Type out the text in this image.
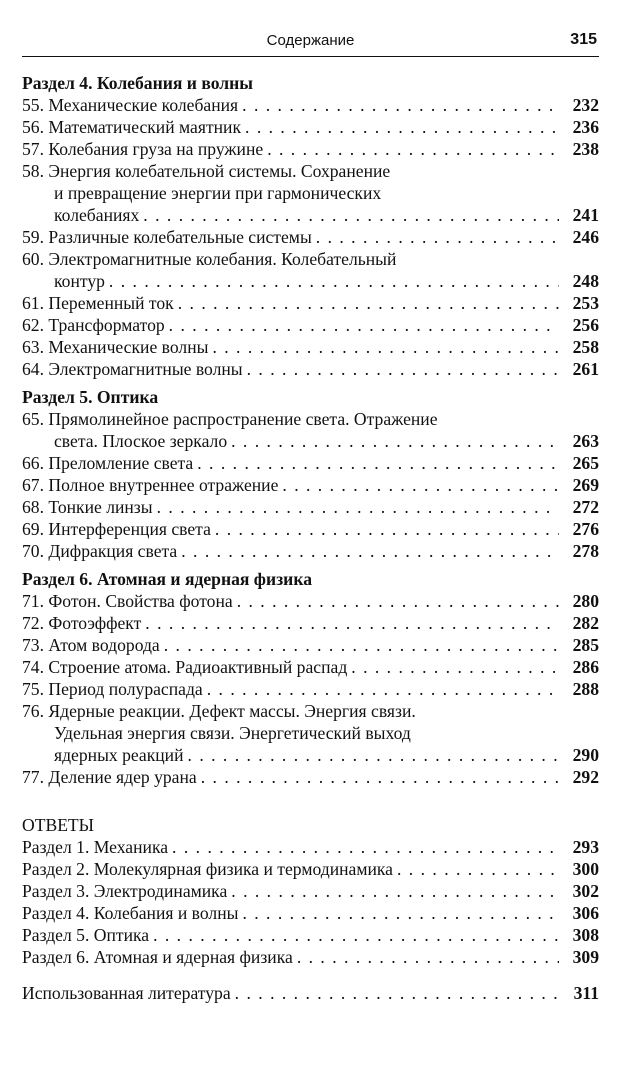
Содержание	315
Раздел 4. Колебания и волны
55. Механические колебания . . .	232
56. Математический маятник . . .	236
57. Колебания груза на пружине . . .	238
58. Энергия колебательной системы. Сохранение
и превращение энергии при гармонических
колебаниях . . .	241
59. Различные колебательные системы . . .	246
60. Электромагнитные колебания. Колебательный
контур . . .	248
61. Переменный ток . . .	253
62. Трансформатор . . .	256
63. Механические волны . . .	258
64. Электромагнитные волны . . .	261
Раздел 5. Оптика
65. Прямолинейное распространение света. Отражение
света. Плоское зеркало . . .	263
66. Преломление света . . .	265
67. Полное внутреннее отражение . . .	269
68. Тонкие линзы . . .	272
69. Интерференция света . . .	276
70. Дифракция света . . .	278
Раздел 6. Атомная и ядерная физика
71. Фотон. Свойства фотона . . .	280
72. Фотоэффект . . .	282
73. Атом водорода . . .	285
74. Строение атома. Радиоактивный распад . . .	286
75. Период полураспада . . .	288
76. Ядерные реакции. Дефект массы. Энергия связи.
Удельная энергия связи. Энергетический выход
ядерных реакций . . .	290
77. Деление ядер урана . . .	292
ОТВЕТЫ
Раздел 1. Механика . . .	293
Раздел 2. Молекулярная физика и термодинамика . . .	300
Раздел 3. Электродинамика . . .	302
Раздел 4. Колебания и волны . . .	306
Раздел 5. Оптика . . .	308
Раздел 6. Атомная и ядерная физика . . .	309
Использованная литература . . .	311
